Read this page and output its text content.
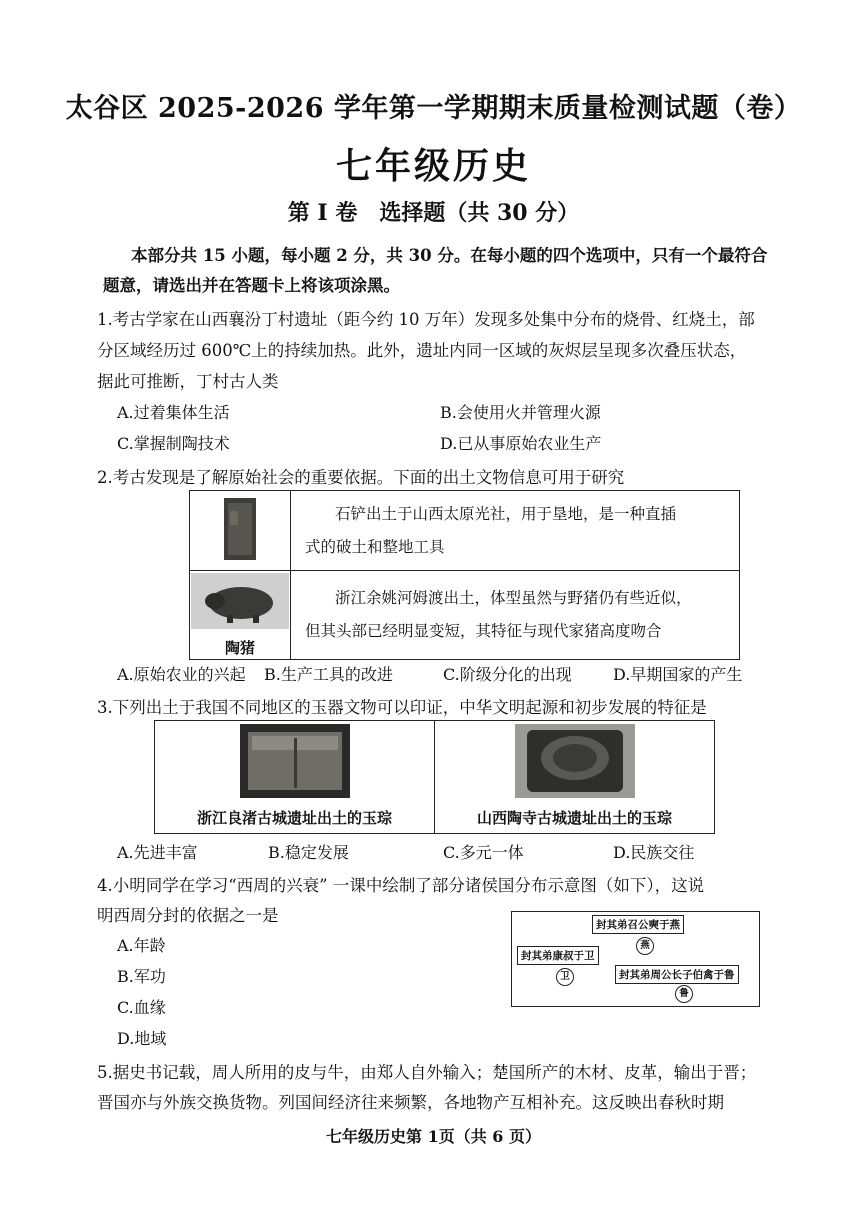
太谷区 2025-2026 学年第一学期期末质量检测试题（卷）
七年级历史
第 I 卷　选择题（共 30 分）
本部分共 15 小题，每小题 2 分，共 30 分。在每小题的四个选项中，只有一个最符合
题意，请选出并在答题卡上将该项涂黑。
1.考古学家在山西襄汾丁村遗址（距今约 10 万年）发现多处集中分布的烧骨、红烧土，部
分区域经历过 600℃上的持续加热。此外，遗址内同一区域的灰烬层呈现多次叠压状态，
据此可推断，丁村古人类
A.过着集体生活	B.会使用火并管理火源
C.掌握制陶技术	D.已从事原始农业生产
2.考古发现是了解原始社会的重要依据。下面的出土文物信息可用于研究

石铲出土于山西太原光社，用于垦地，是一种直插
式的破土和整地工具

陶猪	浙江余姚河姆渡出土，体型虽然与野猪仍有些近似，
但其头部已经明显变短，其特征与现代家猪高度吻合
A.原始农业的兴起 B.生产工具的改进	C.阶级分化的出现	D.早期国家的产生
3.下列出土于我国不同地区的玉器文物可以印证，中华文明起源和初步发展的特征是
浙江良渚古城遗址出土的玉琮	山西陶寺古城遗址出土的玉琮
A.先进丰富	B.稳定发展	C.多元一体	D.民族交往
4.小明同学在学习“西周的兴衰” 一课中绘制了部分诸侯国分布示意图（如下），这说
明西周分封的依据之一是
A.年龄
B.军功
C.血缘
D.地域
封其弟召公奭于燕
燕
封其弟康叔于卫
卫	封其弟周公长子伯禽于鲁
鲁
5.据史书记载，周人所用的皮与牛，由郑人自外输入；楚国所产的木材、皮革，输出于晋；
晋国亦与外族交换货物。列国间经济往来频繁，各地物产互相补充。这反映出春秋时期
七年级历史第 1页（共 6 页）
